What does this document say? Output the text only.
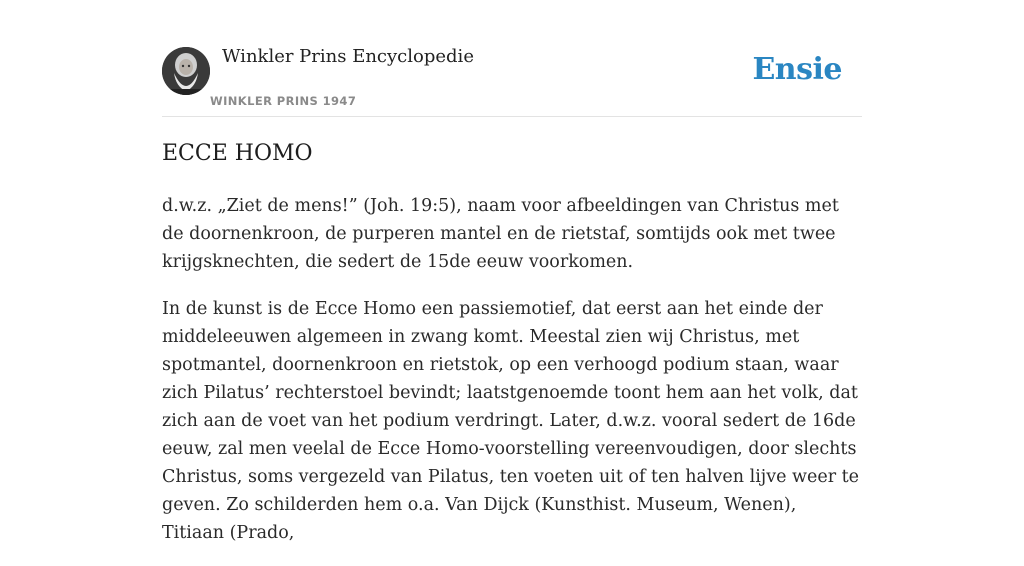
Winkler Prins Encyclopedie
WINKLER PRINS 1947
Ensie
ECCE HOMO

d.w.z. „Ziet de mens!” (Joh. 19:5), naam voor afbeeldingen van Christus met de doornenkroon, de purperen mantel en de rietstaf, somtijds ook met twee krijgsknechten, die sedert de 15de eeuw voorkomen.

In de kunst is de Ecce Homo een passiemotief, dat eerst aan het einde der middeleeuwen algemeen in zwang komt. Meestal zien wij Christus, met spotmantel, doornenkroon en rietstok, op een verhoogd podium staan, waar zich Pilatus’ rechterstoel bevindt; laatstgenoemde toont hem aan het volk, dat zich aan de voet van het podium verdringt. Later, d.w.z. vooral sedert de 16de eeuw, zal men veelal de Ecce Homo-voorstelling vereenvoudigen, door slechts Christus, soms vergezeld van Pilatus, ten voeten uit of ten halven lijve weer te geven. Zo schilderden hem o.a. Van Dijck (Kunsthist. Museum, Wenen), Titiaan (Prado,
